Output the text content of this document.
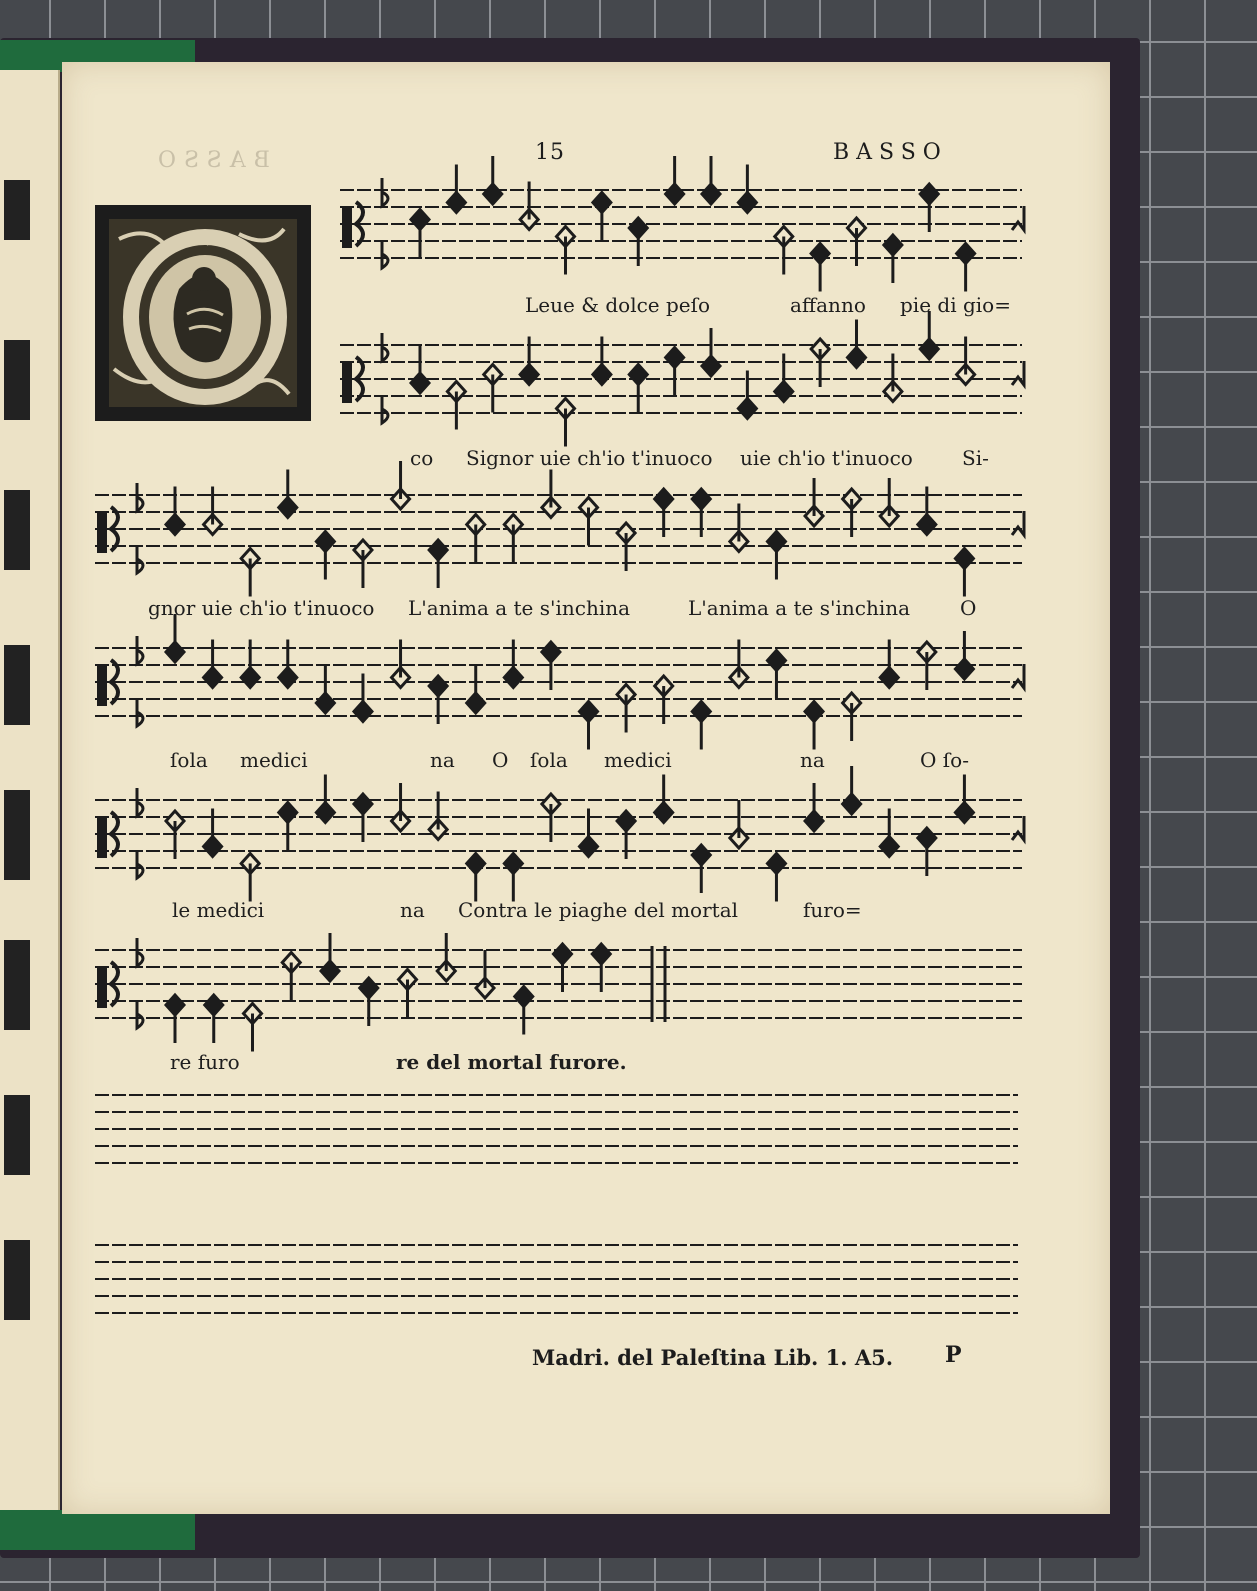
BASSO	15	BASSO
Leue & dolce peſo	affanno pie di gio=
co Signor uie ch'io t'inuoco uie ch'io t'inuoco Si-
gnor uie ch'io t'inuoco L'anima a te s'inchina	L'anima a te s'inchina O
ſola medici	na O ſola medici	na	O ſo-
le medici	na Contra le piaghe del mortal	furo=
re furo	re del mortal furore.
Madri. del Paleſtina Lib. 1. A5. P
